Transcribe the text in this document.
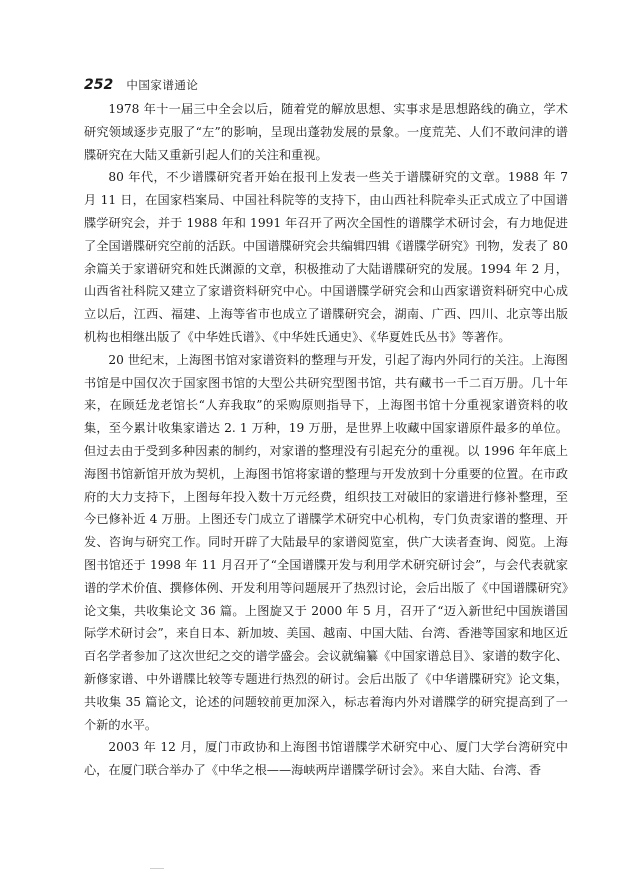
252 中国家谱通论

1978 年十一届三中全会以后，随着党的解放思想、实事求是思想路线的确立，学术研究领域逐步克服了“左”的影响，呈现出蓬勃发展的景象。一度荒芜、人们不敢问津的谱牒研究在大陆又重新引起人们的关注和重视。

80 年代，不少谱牒研究者开始在报刊上发表一些关于谱牒研究的文章。1988 年 7 月 11 日，在国家档案局、中国社科院等的支持下，由山西社科院牵头正式成立了中国谱牒学研究会，并于 1988 年和 1991 年召开了两次全国性的谱牒学术研讨会，有力地促进了全国谱牒研究空前的活跃。中国谱牒研究会共编辑四辑《谱牒学研究》刊物，发表了 80 余篇关于家谱研究和姓氏渊源的文章，积极推动了大陆谱牒研究的发展。1994 年 2 月，山西省社科院又建立了家谱资料研究中心。中国谱牒学研究会和山西家谱资料研究中心成立以后，江西、福建、上海等省市也成立了谱牒研究会，湖南、广西、四川、北京等出版机构也相继出版了《中华姓氏谱》、《中华姓氏通史》、《华夏姓氏丛书》等著作。

20 世纪末，上海图书馆对家谱资料的整理与开发，引起了海内外同行的关注。上海图书馆是中国仅次于国家图书馆的大型公共研究型图书馆，共有藏书一千二百万册。几十年来，在顾廷龙老馆长“人弃我取”的采购原则指导下，上海图书馆十分重视家谱资料的收集，至今累计收集家谱达 2. 1 万种，19 万册，是世界上收藏中国家谱原件最多的单位。但过去由于受到多种因素的制约，对家谱的整理没有引起充分的重视。以 1996 年年底上海图书馆新馆开放为契机，上海图书馆将家谱的整理与开发放到十分重要的位置。在市政府的大力支持下，上图每年投入数十万元经费，组织技工对破旧的家谱进行修补整理，至今已修补近 4 万册。上图还专门成立了谱牒学术研究中心机构，专门负责家谱的整理、开发、咨询与研究工作。同时开辟了大陆最早的家谱阅览室，供广大读者查询、阅览。上海图书馆还于 1998 年 11 月召开了“全国谱牒开发与利用学术研究研讨会”，与会代表就家谱的学术价值、撰修体例、开发利用等问题展开了热烈讨论，会后出版了《中国谱牒研究》论文集，共收集论文 36 篇。上图旋又于 2000 年 5 月，召开了“迈入新世纪中国族谱国际学术研讨会”，来自日本、新加坡、美国、越南、中国大陆、台湾、香港等国家和地区近百名学者参加了这次世纪之交的谱学盛会。会议就编纂《中国家谱总目》、家谱的数字化、新修家谱、中外谱牒比较等专题进行热烈的研讨。会后出版了《中华谱牒研究》论文集，共收集 35 篇论文，论述的问题较前更加深入，标志着海内外对谱牒学的研究提高到了一个新的水平。

2003 年 12 月，厦门市政协和上海图书馆谱牒学术研究中心、厦门大学台湾研究中心，在厦门联合举办了《中华之根——海峡两岸谱牒学研讨会》。来自大陆、台湾、香
